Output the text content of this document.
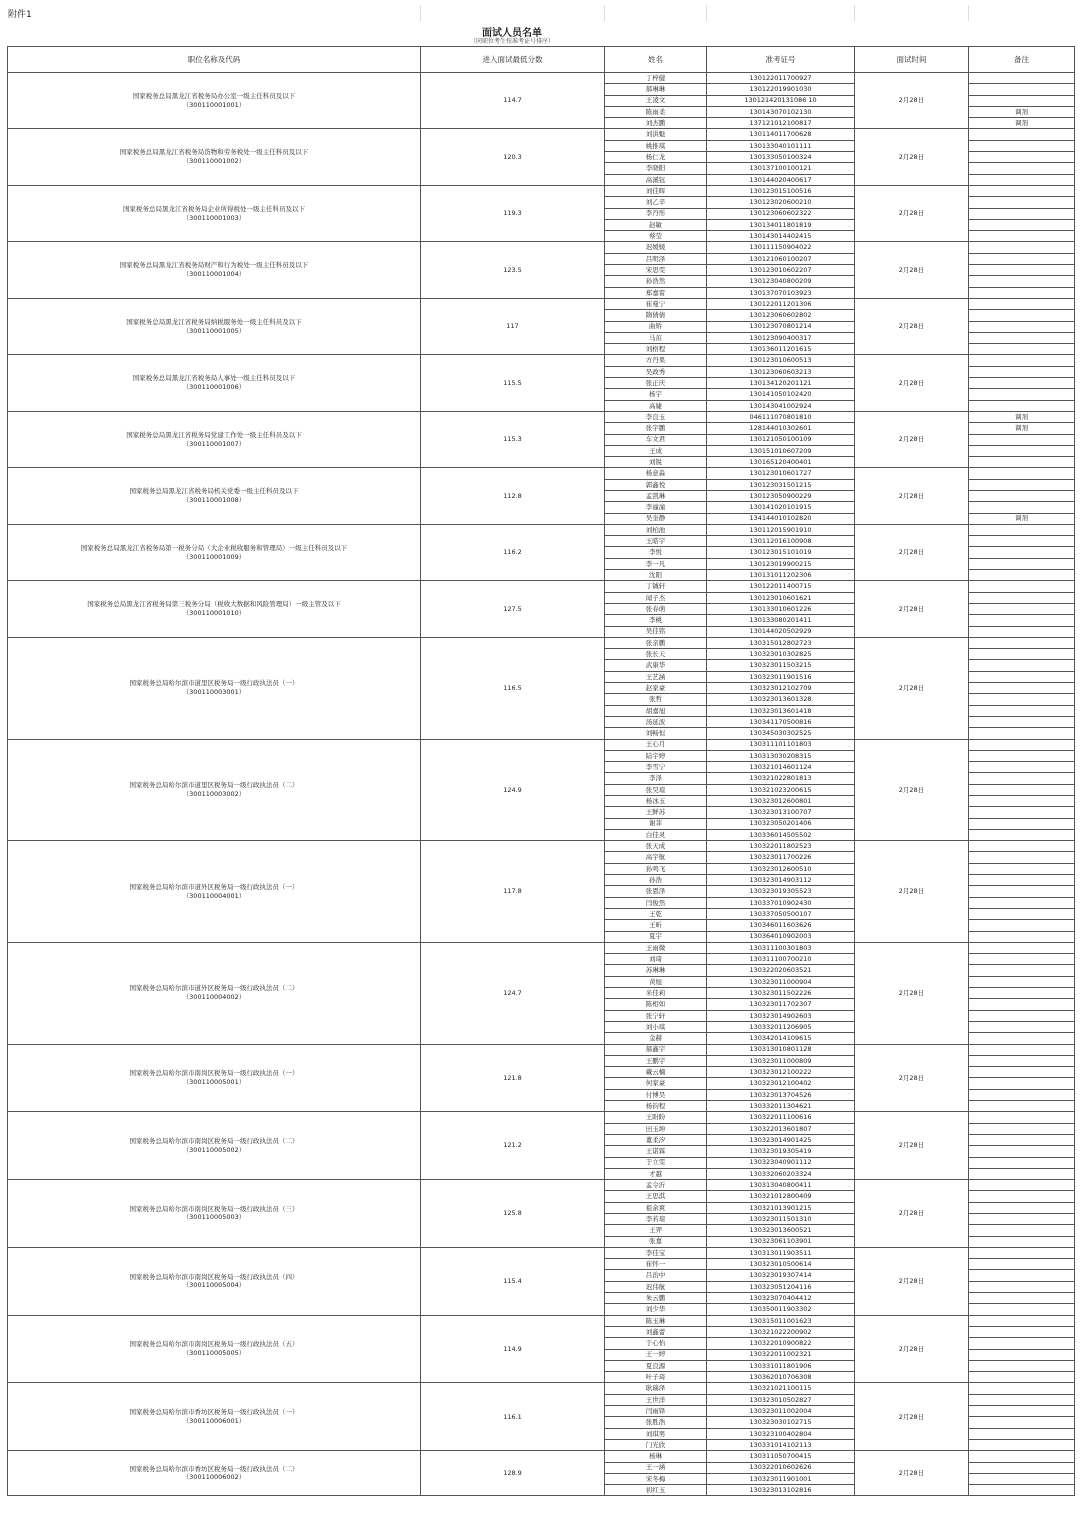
附件1
面试人员名单
（同职位考生按准考证号排序）
职位名称及代码	进入面试最低分数	姓名	准考证号	面试时间	备注

国家税务总局黑龙江省税务局办公室一级主任科员及以下
（300110001001）	114.7	丁梓健	130122011700927	2月28日	
		郝琳琳	130122019901030		
		王凌文	130121420131086 10		
		陈雨柔	130143070102130		调剂
		刘杰鹏	137121012100817		调剂

国家税务总局黑龙江省税务局货物和劳务税处一级主任科员及以下
（300110001002）	120.3	刘洪魁	130114011700628	2月28日	
		姚推琪	130133040101111		
		杨仁龙	130133050100324		
		李晓阳	130137100100121		
		高溪钰	130144020400617		

国家税务总局黑龙江省税务局企业所得税处一级主任科员及以下
（300110001003）	119.3	刘佳晖	130123015100516	2月28日	
		刘乙辛	130123020600210		
		李丹彤	130123060602322		
		赵敏	130134011801819		
		蔡莹	130143014402415		

国家税务总局黑龙江省税务局财产和行为税处一级主任科员及以下
（300110001004）	123.5	迟媛媛	130111150904022	2月28日	
		吕明泽	130121060100207		
		宋思雯	130123010602207		
		孙浩然	130123040800209		
		郑嘉雷	130137070103923		

国家税务总局黑龙江省税务局纳税服务处一级主任科员及以下
（300110001005）	117	崔曼宁	130122011201306	2月28日	
		隋倩倩	130123060602802		
		曲矫	130123070801214		
		马茁	130123090400317		
		刘格程	130136011201615		

国家税务总局黑龙江省税务局人事处一级主任科员及以下
（300110001006）	115.5	方丹果	130123010600513	2月28日	
		吴政秀	130123060603213		
		张正庆	130134120201121		
		杨宇	130141050102420		
		高婕	130143041002924		

国家税务总局黑龙江省税务局党建工作处一级主任科员及以下
（300110001007）	115.3	李良玉	046111070801810	2月28日	调剂
		张宇鹏	128144010302601		调剂
		车文君	130121050100109		
		王成	130151010607209		
		刘锐	130165120400401		

国家税务总局黑龙江省税务局机关党委一级主任科员及以下
（300110001008）	112.8	杨意淼	130123010601727	2月28日	
		郭鑫悦	130123031501215		
		孟凯琳	130123050900229		
		李潼潼	130141020101915		
		吴奎静	134144010102820		调剂

国家税务总局黑龙江省税务局第一税务分局（大企业税收服务和管理局）一级主任科员及以下
（300110001009）	116.2	刘柏池	130112015901910	2月28日	
		王皓宇	130112016100908		
		李悦	130123015101019		
		李一凡	130123019900215		
		沈阳	130131011202306		

国家税务总局黑龙江省税务局第三税务分局（税收大数据和风险管理局）一级主管及以下
（300110001010）	127.5	丁铖轩	130122011400715	2月28日	
		闻子杰	130123010601621		
		张春萌	130133010601226		
		李桃	130133080201411		
		吴佳铭	130144020502929		

国家税务总局哈尔滨市道里区税务局一级行政执法员（一）
（300110003001）	116.5	张亲鹏	130315012802723	2月28日	
		张长天	130323010302825		
		武康华	130323011503215		
		王艺涵	130323011901516		
		赵家豪	130323012102709		
		张哲	130323013601328		
		胡嘉旭	130323013601418		
		汤延波	130341170500816		
		刘畅恒	130345030302525		

国家税务总局哈尔滨市道里区税务局一级行政执法员（二）
（300110003002）	124.9	王心月	130311101101803	2月28日	
		陆宇婷	130313030208315		
		李雪宁	130321014601124		
		李泽	130321022801813		
		张昊瑄	130321023200615		
		杨冰玉	130323012600801		
		王鲜苏	130323013100707		
		谢菲	130323050201406		
		白佳灵	130336014505502		

国家税务总局哈尔滨市道外区税务局一级行政执法员（一）
（300110004001）	117.8	张天成	130322011802523	2月28日	
		高宇航	130323011700226		
		孙鸣飞	130323012600510		
		孙浩	130323014903112		
		张恩泽	130323019305523		
		闫俊然	130337010902430		
		王乾	130337050500107		
		王昕	130346011603626		
		夏宇	130364010902003		

国家税务总局哈尔滨市道外区税务局一级行政执法员（二）
（300110004002）	124.7	王雨微	130311100301803	2月28日	
		刘琦	130311100700210		
		苏琳琳	130322020603521		
		黄旭	130323011000904		
		米佳莉	130323011502226		
		陈相如	130323011702307		
		张宁轩	130323014902603		
		刘小琪	130332011206905		
		金赫	130342014109615		

国家税务总局哈尔滨市南岗区税务局一级行政执法员（一）
（300110005001）	121.8	郝鑫宇	130313010801128	2月28日	
		王鹏宇	130323011000809		
		戴云楠	130323012100222		
		何家豪	130323012100402		
		付博昊	130323013704526		
		杨钧程	130332011304621		

国家税务总局哈尔滨市南岗区税务局一级行政执法员（二）
（300110005002）	121.2	王盼盼	130322011100616	2月28日	
		田玉坤	130322013601807		
		董柔汐	130323014901425		
		王诺霖	130323019305419		
		于立雯	130323040901112		
		才越	130332060203324		

国家税务总局哈尔滨市南岗区税务局一级行政执法员（三）
（300110005003）	125.8	孟令沂	130313040800411	2月28日	
		王思淇	130321012800409		
		祖余爽	130321013901215		
		李若瑄	130323011501310		
		王羿	130323013600521		
		张嘉	130323061103901		

国家税务总局哈尔滨市南岗区税务局一级行政执法员（四）
（300110005004）	115.4	李佳宝	130313011903511	2月28日	
		崔怀一	130323010500614		
		吕治中	130323019307414		
		迟伟航	130323051204116		
		朱云鹏	130323070404412		
		刘少华	130350011903302		

国家税务总局哈尔滨市南岗区税务局一级行政执法员（五）
（300110005005）	114.9	陈玉琳	130315011001623	2月28日	
		刘鑫蕾	130321022200902		
		于心怡	130322010900822		
		王一婷	130322011002321		
		夏良源	130331011801906		
		叶子琦	130362010706308		

国家税务总局哈尔滨市香坊区税务局一级行政执法员（一）
（300110006001）	116.1	耿瑞泽	130321021100115	2月28日	
		王世洋	130323010502827		
		闫雨铎	130323011002004		
		张胜浩	130323030102715		
		刘琪男	130323100402804		
		门光欣	130331014102113		

国家税务总局哈尔滨市香坊区税务局一级行政执法员（二）
（300110006002）	128.9	杨琳	130311050700415	2月28日	
		王一涵	130322010602626		
		宋冬梅	130323011901001		
		初红玉	130323013102816		
